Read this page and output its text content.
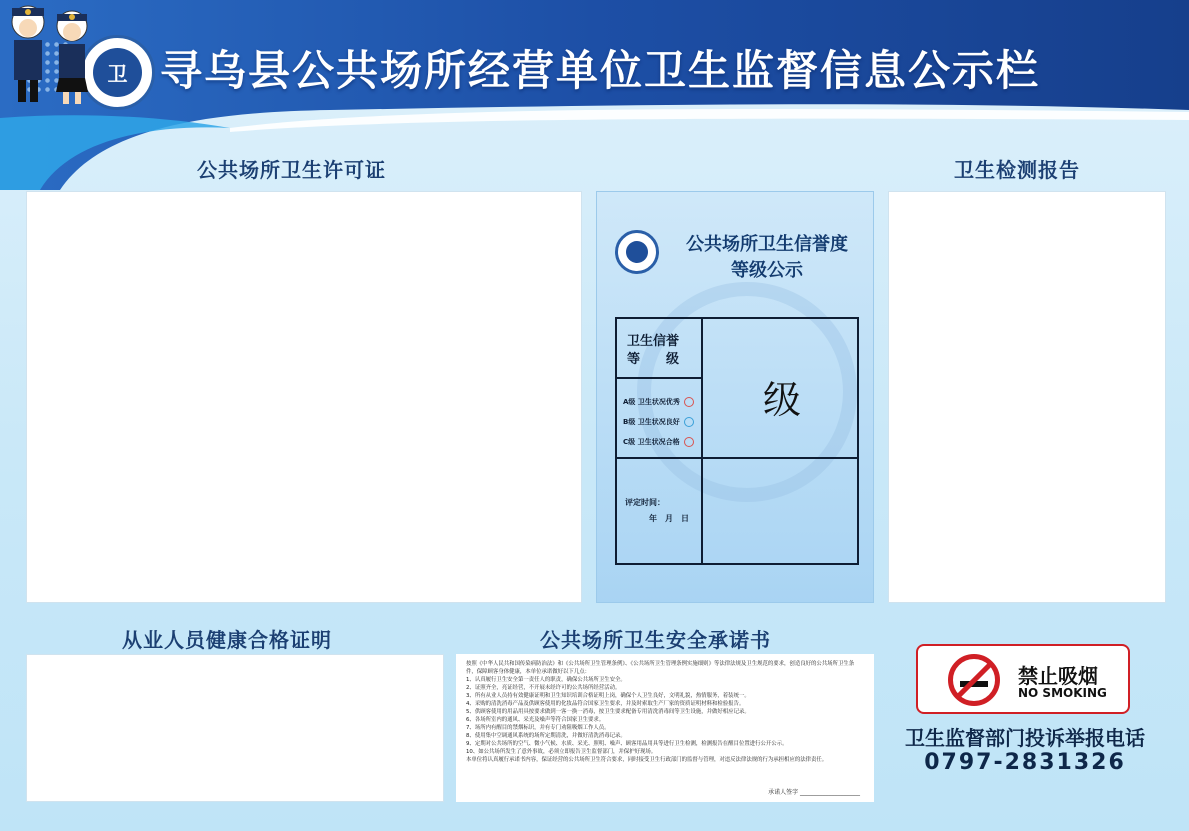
卫 寻乌县公共场所经营单位卫生监督信息公示栏
公共场所卫生许可证	卫生检测报告
从业人员健康合格证明	公共场所卫生安全承诺书
公共场所卫生信誉度
等级公示
卫生信誉
等　　级
级
A级 卫生状况优秀
B级 卫生状况良好
C级 卫生状况合格
评定时间：
年　月　日

按照《中华人民共和国传染病防治法》和《公共场所卫生管理条例》、《公共场所卫生管理条例实施细则》等法律法规及卫生规范的要求，创造良好的公共场所卫生条件，保障顾客身体健康，本单位承诺做好以下几点：

1、认真履行卫生安全第一责任人的职责，确保公共场所卫生安全。

2、证照齐全，亮证经营，不开展未经许可的公共场所经营活动。

3、所有从业人员持有效健康证明和卫生知识培训合格证明上岗，确保个人卫生良好，文明礼貌，热情服务，着装统一。

4、采购的清洗消毒产品及供顾客使用的化妆品符合国家卫生要求，并及时索取生产厂家的资质证明材料和检验报告。

5、供顾客使用的用品用具按要求做到一客一换一消毒，按卫生要求配备专用清洗消毒间等卫生设施，并做好相应记录。

6、各场所室内的通风、采光及噪声等符合国家卫生要求。

7、场所内有醒目的禁烟标识，并有专门劝阻吸烟工作人员。

8、使用集中空调通风系统的场所定期清洗，并做好清洗消毒记录。

9、定期对公共场所的空气、微小气候、水质、采光、照明、噪声、顾客用品用具等进行卫生检测，检测报告在醒目位置进行公开公示。

10、如公共场所发生了意外事故，必须立即报告卫生监督部门，并保护好现场。

本单位将认真履行承诺书内容，保证经营的公共场所卫生符合要求，同时接受卫生行政部门的监督与管理，对违反法律法规的行为承担相应的法律责任。

承诺人签字 ____________________
禁止吸烟
NO SMOKING
卫生监督部门投诉举报电话
0797-2831326
